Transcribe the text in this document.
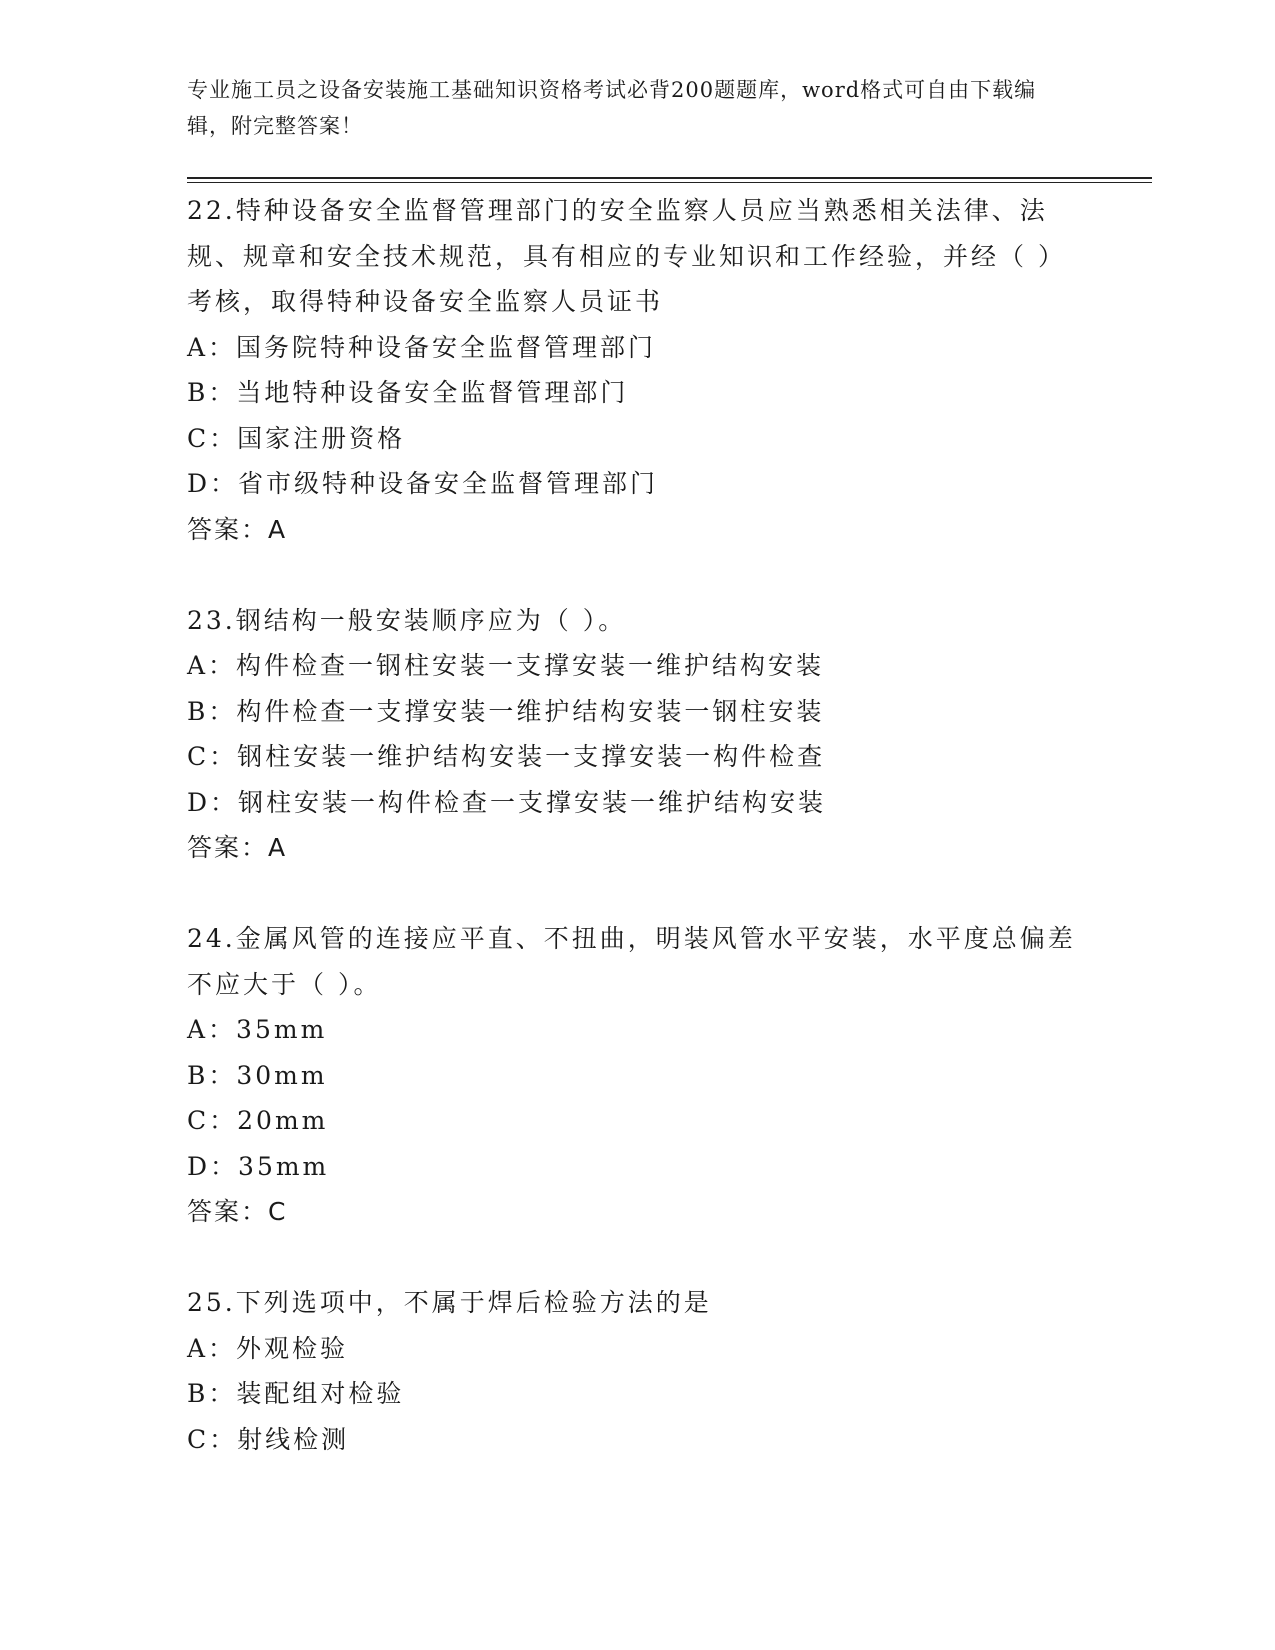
专业施工员之设备安装施工基础知识资格考试必背200题题库，word格式可自由下载编辑，附完整答案！
22.特种设备安全监督管理部门的安全监察人员应当熟悉相关法律、法规、规章和安全技术规范，具有相应的专业知识和工作经验，并经（ ）考核，取得特种设备安全监察人员证书
A：国务院特种设备安全监督管理部门
B：当地特种设备安全监督管理部门
C：国家注册资格
D：省市级特种设备安全监督管理部门
答案：A
23.钢结构一般安装顺序应为（ ）。
A：构件检查一钢柱安装一支撑安装一维护结构安装
B：构件检查一支撑安装一维护结构安装一钢柱安装
C：钢柱安装一维护结构安装一支撑安装一构件检查
D：钢柱安装一构件检查一支撑安装一维护结构安装
答案：A
24.金属风管的连接应平直、不扭曲，明装风管水平安装，水平度总偏差不应大于（ ）。
A：35mm
B：30mm
C：20mm
D：35mm
答案：C
25.下列选项中，不属于焊后检验方法的是
A：外观检验
B：装配组对检验
C：射线检测
